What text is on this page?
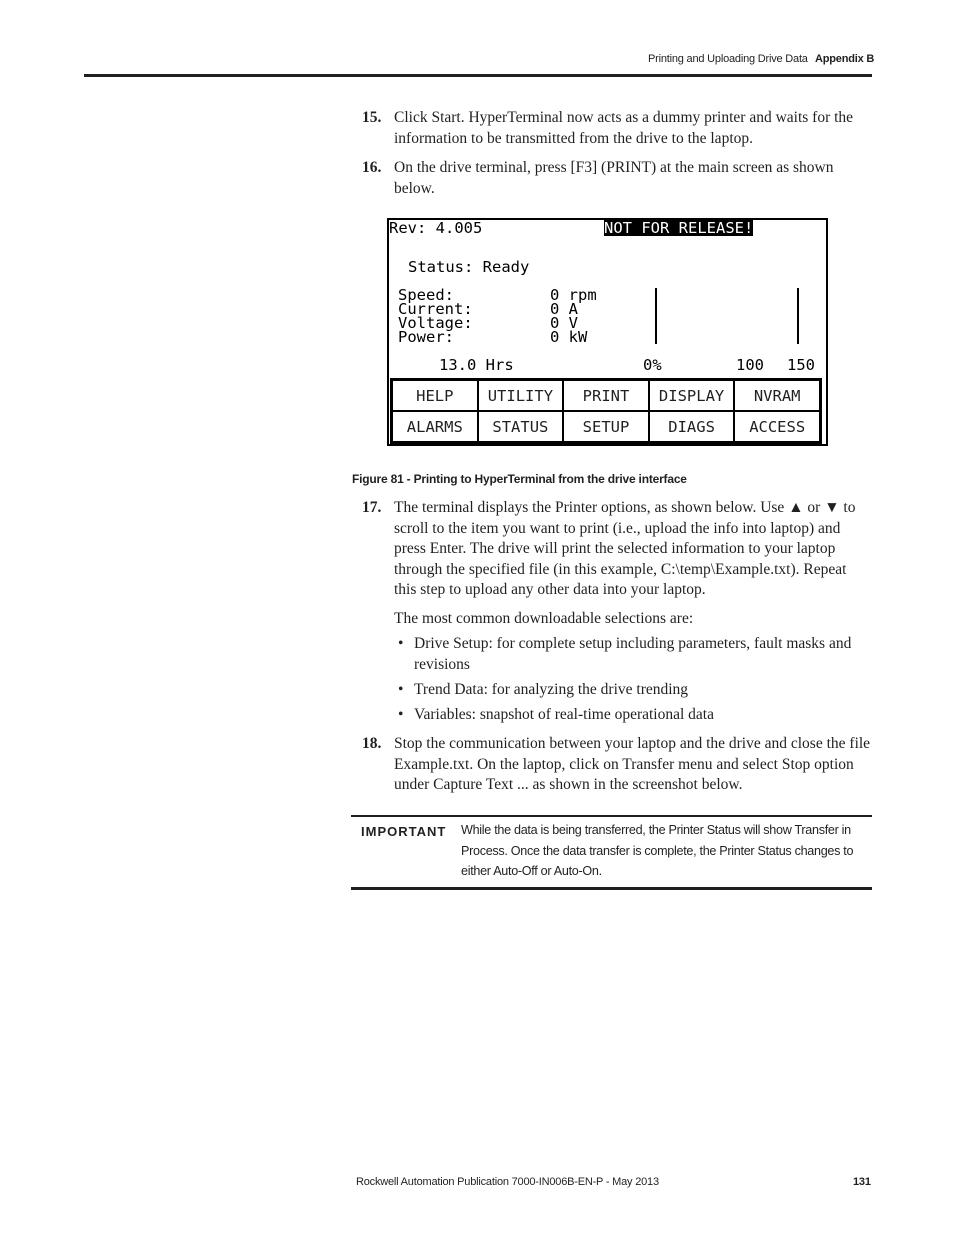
Printing and Uploading Drive Data Appendix B
15. Click Start. HyperTerminal now acts as a dummy printer and waits for the information to be transmitted from the drive to the laptop.
16. On the drive terminal, press [F3] (PRINT) at the main screen as shown below.
Rev: 4.005	NOT FOR RELEASE!
Status: Ready
Speed:	0 rpm
Current:	0 A
Voltage:	0 V
Power:	0 kW
13.0 Hrs	0%	100 150
HELP	UTILITY	PRINT	DISPLAY	NVRAM
ALARMS	STATUS	SETUP	DIAGS	ACCESS
Figure 81 - Printing to HyperTerminal from the drive interface
17. The terminal displays the Printer options, as shown below. Use ▲ or ▼ to scroll to the item you want to print (i.e., upload the info into laptop) and press Enter. The drive will print the selected information to your laptop through the specified file (in this example, C:\temp\Example.txt). Repeat this step to upload any other data into your laptop.
The most common downloadable selections are:
• Drive Setup: for complete setup including parameters, fault masks and revisions
• Trend Data: for analyzing the drive trending
• Variables: snapshot of real-time operational data
18. Stop the communication between your laptop and the drive and close the file Example.txt. On the laptop, click on Transfer menu and select Stop option under Capture Text ... as shown in the screenshot below.
IMPORTANT While the data is being transferred, the Printer Status will show Transfer in Process. Once the data transfer is complete, the Printer Status changes to either Auto-Off or Auto-On.
Rockwell Automation Publication 7000-IN006B-EN-P - May 2013	131
